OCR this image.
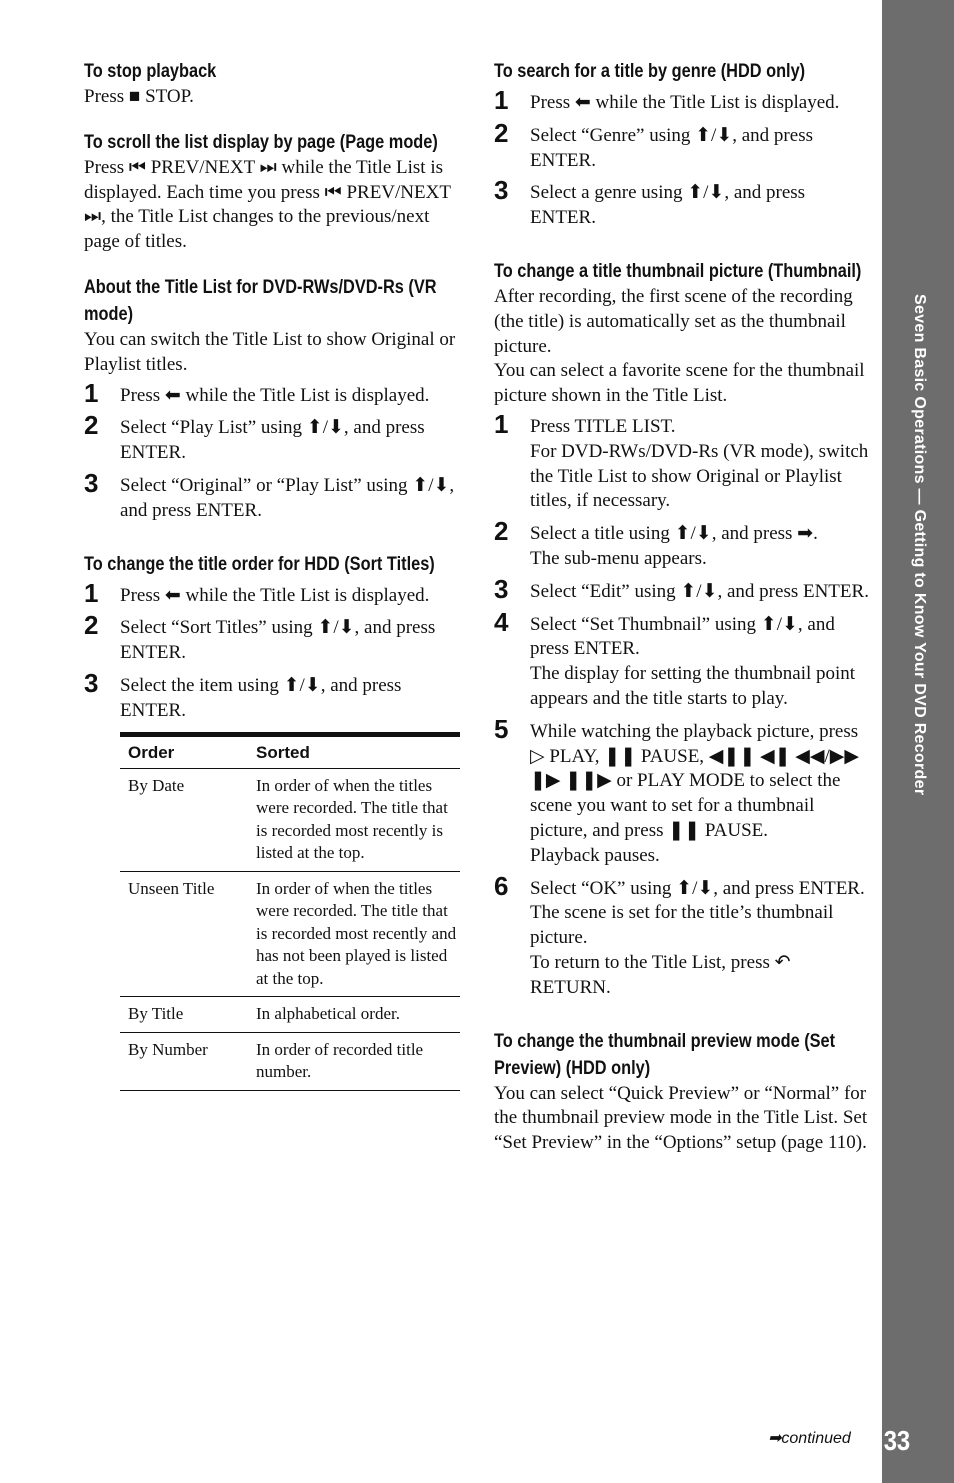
Seven Basic Operations — Getting to Know Your DVD Recorder
33
➡continued
To stop playback

Press ■ STOP.

To scroll the list display by page (Page mode)

Press ⏮ PREV/NEXT ⏭ while the Title List is displayed. Each time you press ⏮ PREV/NEXT ⏭, the Title List changes to the previous/next page of titles.

About the Title List for DVD-RWs/DVD-Rs (VR mode)

You can switch the Title List to show Original or Playlist titles.

1 Press ⬅ while the Title List is displayed.
2 Select “Play List” using ⬆/⬇, and press ENTER.
3 Select “Original” or “Play List” using ⬆/⬇, and press ENTER.
To change the title order for HDD (Sort Titles)
1 Press ⬅ while the Title List is displayed.
2 Select “Sort Titles” using ⬆/⬇, and press ENTER.
3 Select the item using ⬆/⬇, and press ENTER.
Order	Sorted
By Date	In order of when the titles were recorded. The title that is recorded most recently is listed at the top.
Unseen Title	In order of when the titles were recorded. The title that is recorded most recently and has not been played is listed at the top.
By Title	In alphabetical order.
By Number	In order of recorded title number.
To search for a title by genre (HDD only)
1 Press ⬅ while the Title List is displayed.
2 Select “Genre” using ⬆/⬇, and press ENTER.
3 Select a genre using ⬆/⬇, and press ENTER.
To change a title thumbnail picture (Thumbnail)

After recording, the first scene of the recording (the title) is automatically set as the thumbnail picture.

You can select a favorite scene for the thumbnail picture shown in the Title List.

1 Press TITLE LIST.
For DVD-RWs/DVD-Rs (VR mode), switch the Title List to show Original or Playlist titles, if necessary.
2 Select a title using ⬆/⬇, and press ➡.
The sub-menu appears.
3 Select “Edit” using ⬆/⬇, and press ENTER.
4 Select “Set Thumbnail” using ⬆/⬇, and press ENTER.
The display for setting the thumbnail point appears and the title starts to play.
5 While watching the playback picture, press ▷ PLAY, ❚❚ PAUSE, ◀❚❚ ◀❚ ◀◀/▶▶ ❚▶ ❚❚▶ or PLAY MODE to select the scene you want to set for a thumbnail picture, and press ❚❚ PAUSE.
Playback pauses.
6 Select “OK” using ⬆/⬇, and press ENTER.
The scene is set for the title’s thumbnail picture.
To return to the Title List, press ↶ RETURN.
To change the thumbnail preview mode (Set Preview) (HDD only)

You can select “Quick Preview” or “Normal” for the thumbnail preview mode in the Title List. Set “Set Preview” in the “Options” setup (page 110).
